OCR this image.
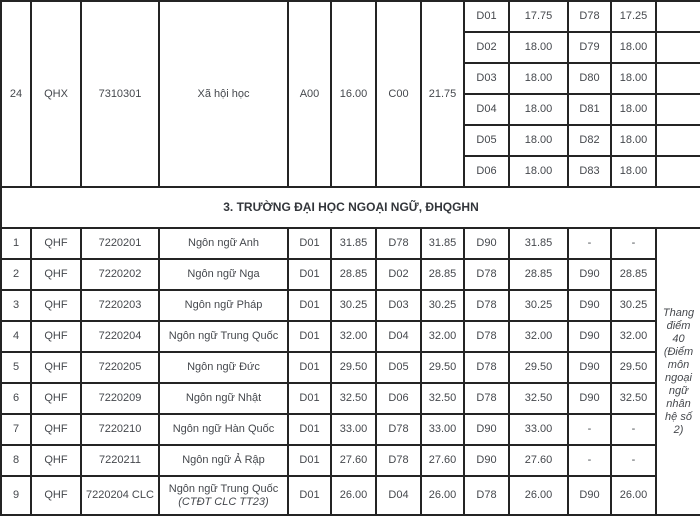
24	QHX	7310301	Xã hội học	A00	16.00	C00	21.75	D01	17.75	D78	17.25	
								D02	18.00	D79	18.00	
								D03	18.00	D80	18.00	
								D04	18.00	D81	18.00	
								D05	18.00	D82	18.00	
								D06	18.00	D83	18.00	
3. TRƯỜNG ĐẠI HỌC NGOẠI NGỮ, ĐHQGHN												
1	QHF	7220201	Ngôn ngữ Anh	D01	31.85	D78	31.85	D90	31.85	-	-	Thang điểm 40 (Điểm môn ngoại ngữ nhân hệ số 2)
2	QHF	7220202	Ngôn ngữ Nga	D01	28.85	D02	28.85	D78	28.85	D90	28.85	
3	QHF	7220203	Ngôn ngữ Pháp	D01	30.25	D03	30.25	D78	30.25	D90	30.25	
4	QHF	7220204	Ngôn ngữ Trung Quốc	D01	32.00	D04	32.00	D78	32.00	D90	32.00	
5	QHF	7220205	Ngôn ngữ Đức	D01	29.50	D05	29.50	D78	29.50	D90	29.50	
6	QHF	7220209	Ngôn ngữ Nhật	D01	32.50	D06	32.50	D78	32.50	D90	32.50	
7	QHF	7220210	Ngôn ngữ Hàn Quốc	D01	33.00	D78	33.00	D90	33.00	-	-	
8	QHF	7220211	Ngôn ngữ Ả Rập	D01	27.60	D78	27.60	D90	27.60	-	-	
9	QHF	7220204 CLC	Ngôn ngữ Trung Quốc
(CTĐT CLC TT23)	D01	26.00	D04	26.00	D78	26.00	D90	26.00	
